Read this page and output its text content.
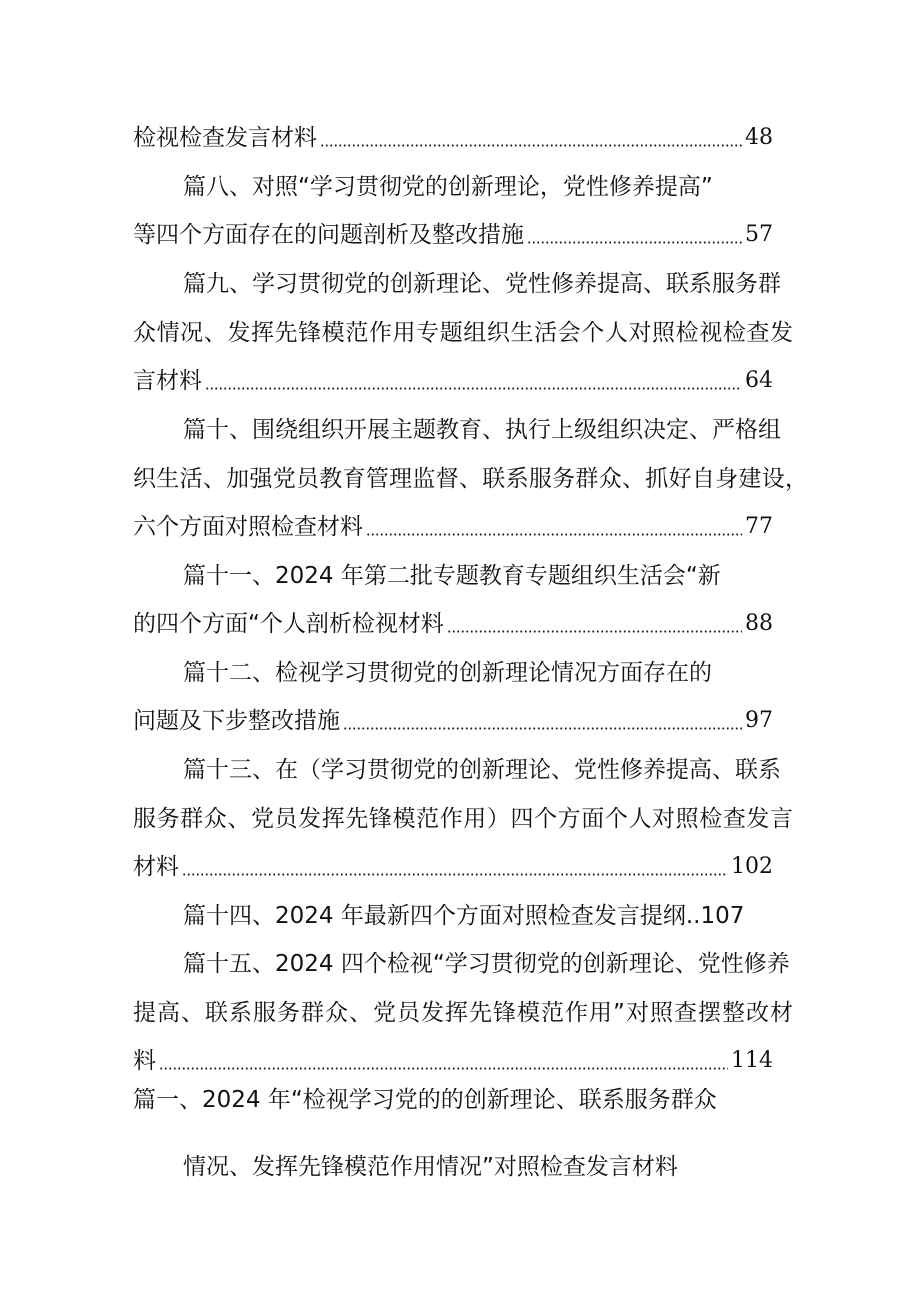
检视检查发言材料	48
篇八、对照“学习贯彻党的创新理论，党性修养提高”
等四个方面存在的问题剖析及整改措施	57
篇九、学习贯彻党的创新理论、党性修养提高、联系服务群
众情况、发挥先锋模范作用专题组织生活会个人对照检视检查发
言材料	64
篇十、围绕组织开展主题教育、执行上级组织决定、严格组
织生活、加强党员教育管理监督、联系服务群众、抓好自身建设，
六个方面对照检查材料	77
篇十一、2024 年第二批专题教育专题组织生活会“新
的四个方面“个人剖析检视材料	88
篇十二、检视学习贯彻党的创新理论情况方面存在的
问题及下步整改措施	97
篇十三、在（学习贯彻党的创新理论、党性修养提高、联系
服务群众、党员发挥先锋模范作用）四个方面个人对照检查发言
材料	102
篇十四、2024 年最新四个方面对照检查发言提纲..107
篇十五、2024 四个检视“学习贯彻党的创新理论、党性修养
提高、联系服务群众、党员发挥先锋模范作用”对照查摆整改材
料	114
篇一、2024 年“检视学习党的的创新理论、联系服务群众
情况、发挥先锋模范作用情况”对照检查发言材料
